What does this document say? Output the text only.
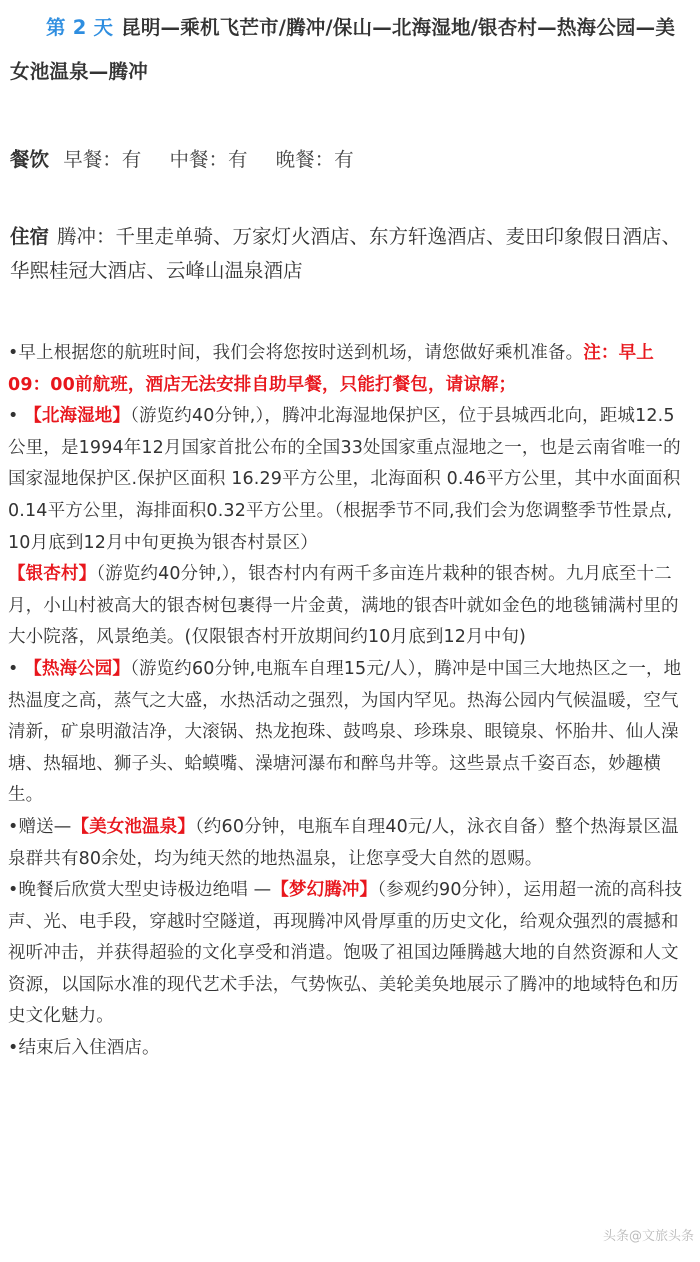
第 2 天 昆明—乘机飞芒市/腾冲/保山—北海湿地/银杏村—热海公园—美女池温泉—腾冲
餐饮 早餐：有 中餐：有 晚餐：有
住宿 腾冲：千里走单骑、万家灯火酒店、东方轩逸酒店、麦田印象假日酒店、华熙桂冠大酒店、云峰山温泉酒店

•早上根据您的航班时间，我们会将您按时送到机场，请您做好乘机准备。注：早上09：00前航班，酒店无法安排自助早餐，只能打餐包，请谅解；

• 【北海湿地】（游览约40分钟,），腾冲北海湿地保护区，位于县城西北向，距城12.5公里，是1994年12月国家首批公布的全国33处国家重点湿地之一，也是云南省唯一的国家湿地保护区.保护区面积 16.29平方公里，北海面积 0.46平方公里，其中水面面积0.14平方公里，海排面积0.32平方公里。（根据季节不同,我们会为您调整季节性景点, 10月底到12月中旬更换为银杏村景区）

【银杏村】（游览约40分钟,），银杏村内有两千多亩连片栽种的银杏树。九月底至十二月，小山村被高大的银杏树包裹得一片金黄，满地的银杏叶就如金色的地毯铺满村里的大小院落，风景绝美。(仅限银杏村开放期间约10月底到12月中旬)

• 【热海公园】（游览约60分钟,电瓶车自理15元/人），腾冲是中国三大地热区之一，地热温度之高，蒸气之大盛，水热活动之强烈，为国内罕见。热海公园内气候温暖，空气清新，矿泉明澈洁净，大滚锅、热龙抱珠、鼓鸣泉、珍珠泉、眼镜泉、怀胎井、仙人澡塘、热辐地、狮子头、蛤蟆嘴、澡塘河瀑布和醉鸟井等。这些景点千姿百态，妙趣横生。

•赠送—【美女池温泉】（约60分钟，电瓶车自理40元/人，泳衣自备）整个热海景区温泉群共有80余处，均为纯天然的地热温泉，让您享受大自然的恩赐。

•晚餐后欣赏大型史诗极边绝唱 —【梦幻腾冲】（参观约90分钟），运用超一流的高科技声、光、电手段，穿越时空隧道，再现腾冲风骨厚重的历史文化，给观众强烈的震撼和视听冲击，并获得超验的文化享受和消遣。饱吸了祖国边陲腾越大地的自然资源和人文资源，以国际水准的现代艺术手法，气势恢弘、美轮美奂地展示了腾冲的地域特色和历史文化魅力。

•结束后入住酒店。

头条@文旅头条
